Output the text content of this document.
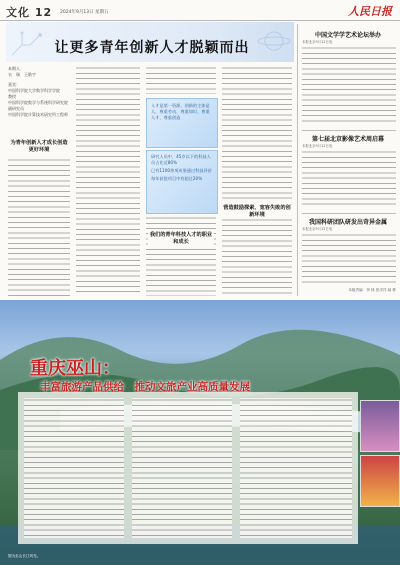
文化 12 2024年9月13日 星期五	人民日报
让更多青年创新人才脱颖而出
本期人：
衣　瑞　王皓宇
嘉宾：
中国科学院大学数学科学学院
教授
中国科学院数学与系统科学研究院副研究员
中国科学院计算技术研究所工程师
为青年创新人才成长创造更好环境
人才是第一资源，创新的主体是人，尊重劳动、尊重知识、尊重人才、尊重创造
研究人员中，45岁以下的科技人员占比近80%
已有1100余项成果通过科技评价
每年获批项目中有超过20%
营造鼓励探索、宽容失败的创新环境
我们的青年科技人才的职业和成长
中国文学学艺术论坛举办
本报北京9月12日电
第七届北京影像艺术周启幕
本报北京9月12日电
我国科研团队研发出奇异金属
本报北京9月12日电
本版责编：李 林 张洋洋 郝 彬
重庆巫山：
丰富旅游产品供给　推动文旅产业高质量发展
图为巫山长江风光。
